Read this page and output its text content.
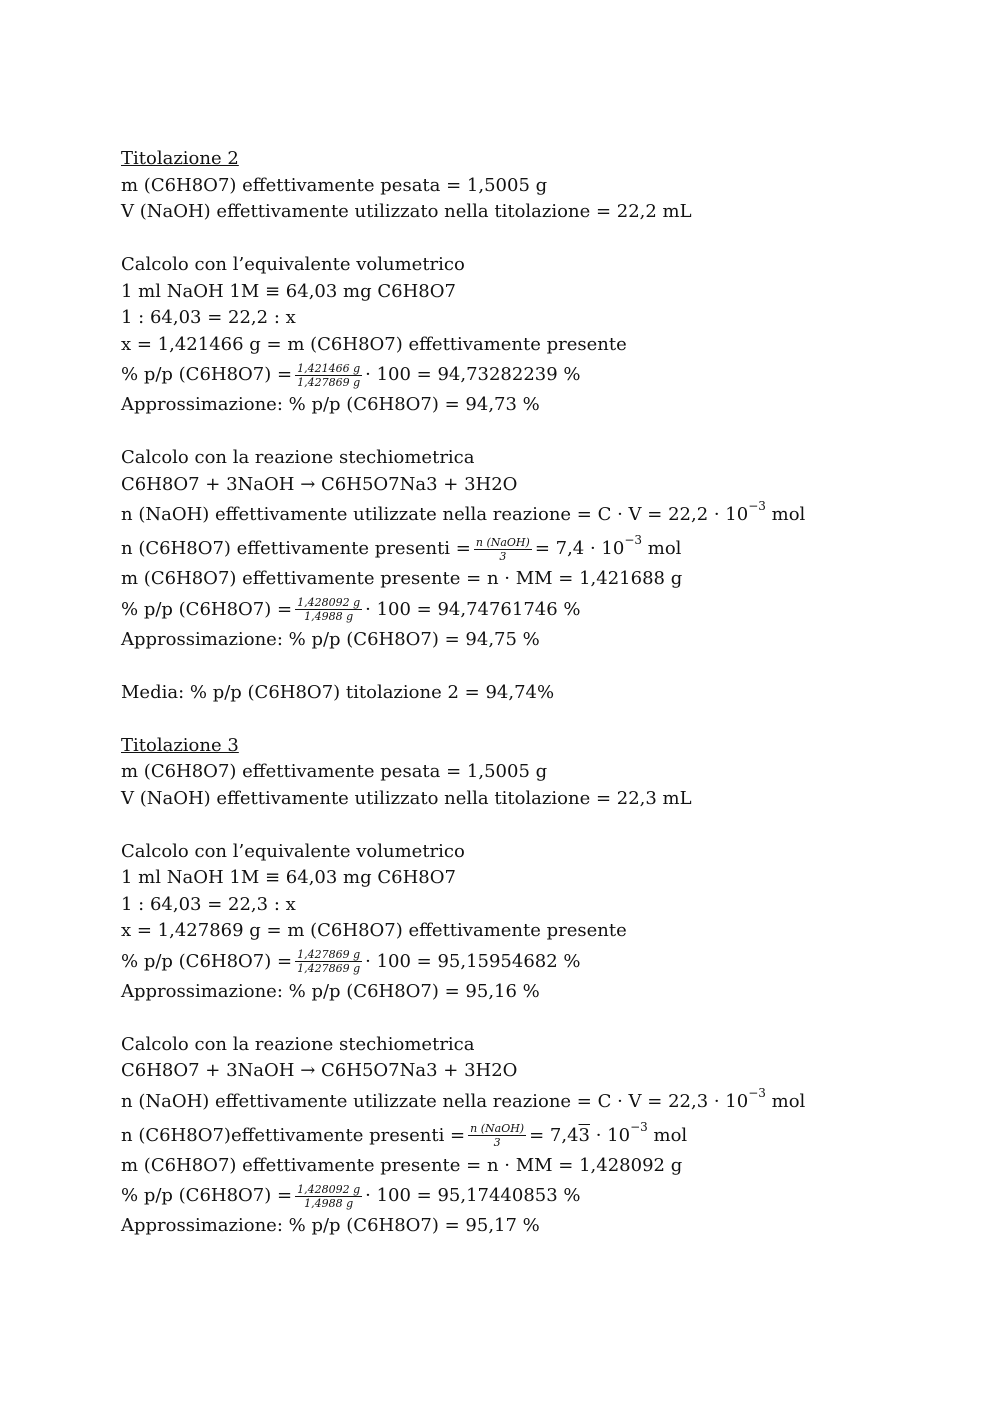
Titolazione 2
m (C6H8O7) effettivamente pesata = 1,5005 g
V (NaOH) effettivamente utilizzato nella titolazione = 22,2 mL
Calcolo con l’equivalente volumetrico
1 ml NaOH 1M ≡ 64,03 mg C6H8O7
1 : 64,03 = 22,2 : x
x = 1,421466 g = m (C6H8O7) effettivamente presente
% p/p $(C6H8O7) = \frac{1,421466 g}{1,427869 g} \cdot 100 = 94,73282239$ %
Approssimazione: % p/p (C6H8O7) = 94,73 %
Calcolo con la reazione stechiometrica
C6H8O7 + 3NaOH → C6H5O7Na3 + 3H2O
n (NaOH) effettivamente utilizzate nella reazione = $C \cdot V = 22,2 \cdot 10^{-3}$ mol
n (C6H8O7) effettivamente presenti = $\frac{\text{n (NaOH)}}{3} = 7,4 \cdot 10^{-3}$ mol
m (C6H8O7) effettivamente presente = n · MM = 1,421688 g
% p/p $(C6H8O7) = \frac{1,428092 g}{1,4988 g} \cdot 100 = 94,74761746$ %
Approssimazione: % p/p (C6H8O7) = 94,75 %
Media: % p/p (C6H8O7) titolazione 2 = 94,74%
Titolazione 3
m (C6H8O7) effettivamente pesata = 1,5005 g
V (NaOH) effettivamente utilizzato nella titolazione = 22,3 mL
Calcolo con l’equivalente volumetrico
1 ml NaOH 1M ≡ 64,03 mg C6H8O7
1 : 64,03 = 22,3 : x
x = 1,427869 g = m (C6H8O7) effettivamente presente
% p/p $(C6H8O7) = \frac{1,427869 g}{1,427869 g} \cdot 100 = 95,15954682$ %
Approssimazione: % p/p (C6H8O7) = 95,16 %
Calcolo con la reazione stechiometrica
C6H8O7 + 3NaOH → C6H5O7Na3 + 3H2O
n (NaOH) effettivamente utilizzate nella reazione = $C \cdot V = 22,3 \cdot 10^{-3}$ mol
n (C6H8O7)effettivamente presenti = $\frac{\text{n (NaOH)}}{3} = 7,43 \cdot 10^{-3}$ mol
m (C6H8O7) effettivamente presente = n · MM = 1,428092 g
% p/p $(C6H8O7) = \frac{1,428092 g}{1,4988 g} \cdot 100 = 95,17440853$ %
Approssimazione: % p/p (C6H8O7) = 95,17 %
